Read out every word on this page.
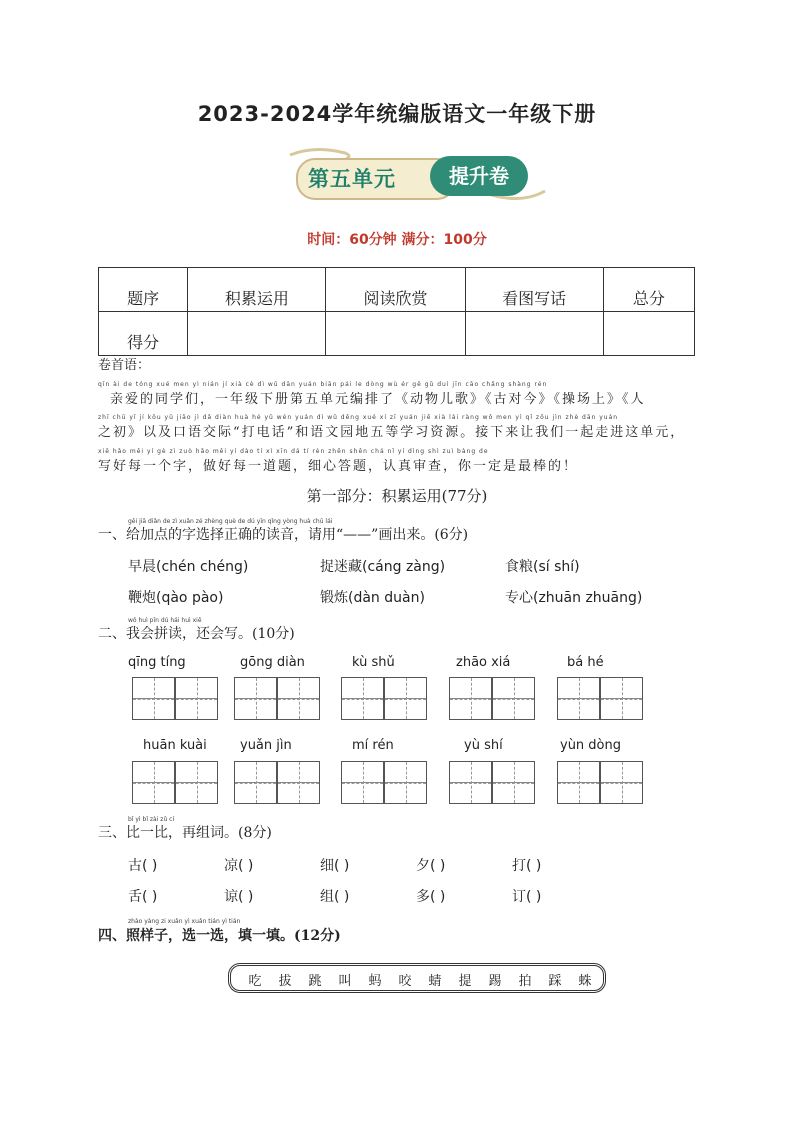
2023-2024学年统编版语文一年级下册
第五单元	提升卷
时间：60分钟 满分：100分
题序	积累运用	阅读欣赏	看图写话	总分
得分				
卷首语：
qīn ài de tóng xué men yì nián jí xià cè dì wǔ dān yuán biān pái le dòng wù ér gē gǔ duì jīn cāo chǎng shàng rén
亲爱的同学们，一年级下册第五单元编排了《动物儿歌》《古对今》《操场上》《人
zhī chū yǐ jí kǒu yǔ jiāo jì dǎ diàn huà hé yǔ wén yuán dì wǔ děng xué xí zī yuán jiē xià lái ràng wǒ men yì qǐ zǒu jìn zhè dān yuán
之初》以及口语交际“打电话”和语文园地五等学习资源。接下来让我们一起走进这单元，
xiě hǎo měi yí gè zì zuò hǎo měi yí dào tí xì xīn dá tí rèn zhēn shěn chá nǐ yí dìng shì zuì bàng de
写好每一个字，做好每一道题，细心答题，认真审查，你一定是最棒的！
第一部分：积累运用(77分)
gěi jiā diǎn de zì xuǎn zé zhèng què de dú yīn qǐng yòng huà chū lái
一、给加点的字选择正确的读音，请用“——”画出来。(6分)
早晨(chén chéng)	捉迷藏(cáng zàng)	食粮(sí shí)
鞭炮(qào pào)	锻炼(dàn duàn)	专心(zhuān zhuāng)
wǒ huì pīn dú hái huì xiě
二、我会拼读，还会写。(10分)
qīng tíng	gōng diàn	kù shǔ	zhāo xiá	bá hé
huān kuài	yuǎn jìn	mí rén	yù shí	yùn dòng
bǐ yì bǐ zài zǔ cí
三、比一比，再组词。(8分)
古( )	凉( )	细( )	夕( )	打( )
舌( )	谅( )	组( )	多( )	订( )
zhào yàng zi xuǎn yì xuǎn tián yì tián
四、照样子，选一选，填一填。(12分)
吃 拔 跳 叫 蚂 咬 蜻 提 踢 拍 踩 蛛
